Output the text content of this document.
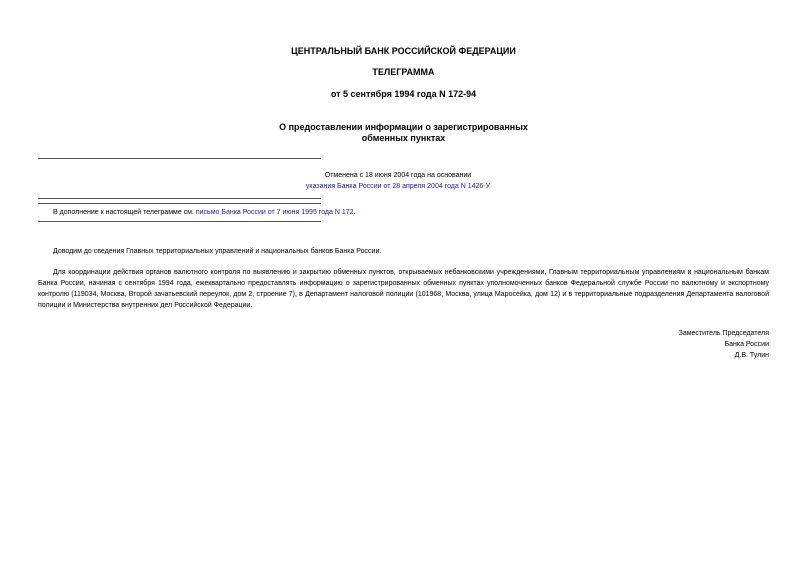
ЦЕНТРАЛЬНЫЙ БАНК РОССИЙСКОЙ ФЕДЕРАЦИИ
ТЕЛЕГРАММА
от 5 сентября 1994 года N 172-94
О предоставлении информации о зарегистрированных
обменных пунктах
Отменена с 18 июня 2004 года на основании
указания Банка России от 28 апреля 2004 года N 1426-У
В дополнение к настоящей телеграмме см. письмо Банка России от 7 июня 1995 года N 172.
Доводим до сведения Главных территориальных управлений и национальных банков Банка России.
Для координации действия органов валютного контроля по выявлению и закрытию обменных пунктов, открываемых небанковскими учреждениями, Главным территориальным управлениям и национальным банкам Банка России, начиная с сентября 1994 года, ежеквартально предоставлять информацию о зарегистрированных обменных пунктах уполномоченных банков Федеральной службе России по валютному и экспортному контролю (119034, Москва, Второй зачатьевский переулок, дом 2, строение 7), в Департамент налоговой полиции (101968, Москва, улица Маросейка, дом 12) и в территориальные подразделения Департамента налоговой полиции и Министерства внутренних дел Российской Федерации.
Заместитель Председателя
Банка России
Д.В. Тулин
